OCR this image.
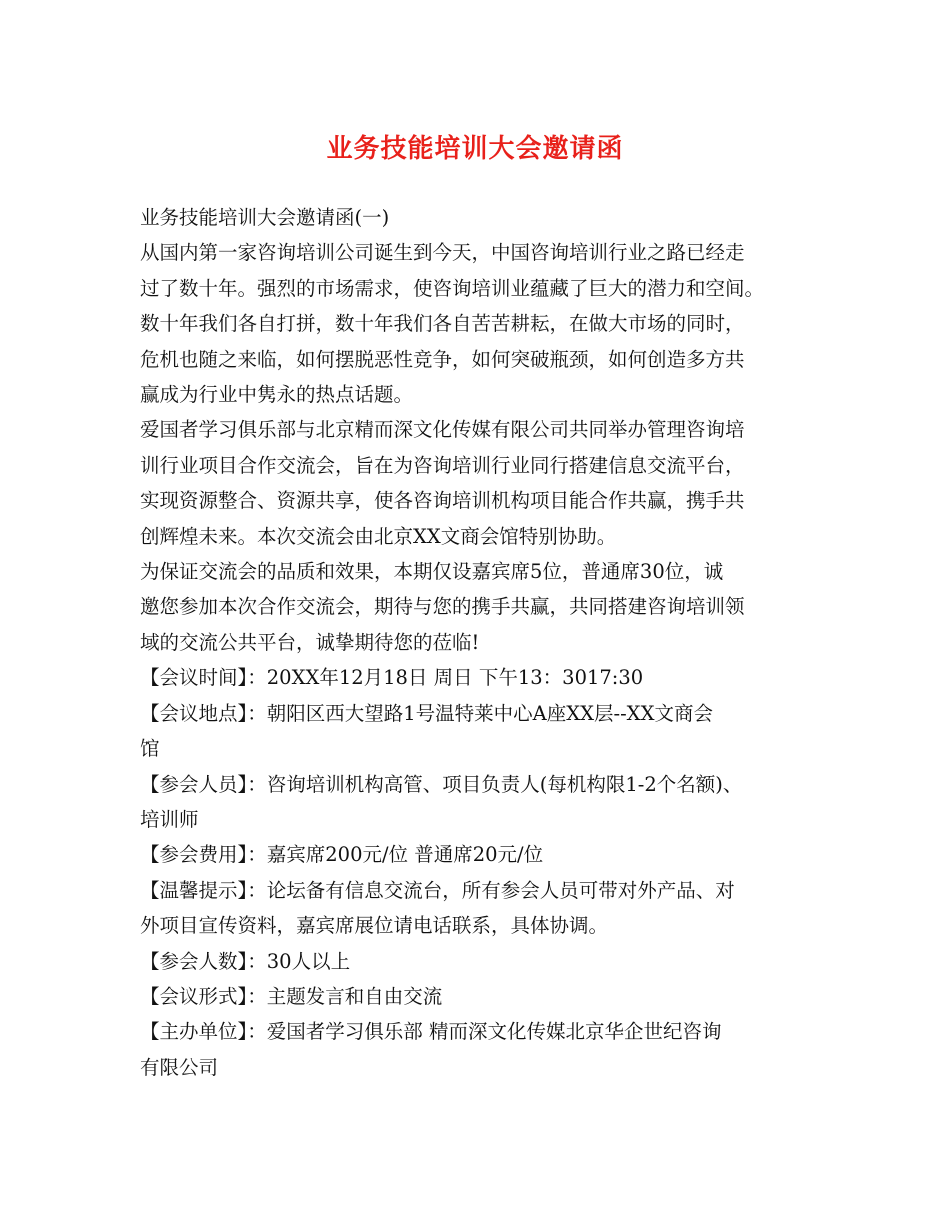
业务技能培训大会邀请函

业务技能培训大会邀请函(一)

从国内第一家咨询培训公司诞生到今天，中国咨询培训行业之路已经走

过了数十年。强烈的市场需求，使咨询培训业蕴藏了巨大的潜力和空间。

数十年我们各自打拼，数十年我们各自苦苦耕耘，在做大市场的同时，

危机也随之来临，如何摆脱恶性竞争，如何突破瓶颈，如何创造多方共

赢成为行业中隽永的热点话题。

爱国者学习俱乐部与北京精而深文化传媒有限公司共同举办管理咨询培

训行业项目合作交流会，旨在为咨询培训行业同行搭建信息交流平台，

实现资源整合、资源共享，使各咨询培训机构项目能合作共赢，携手共

创辉煌未来。本次交流会由北京XX文商会馆特别协助。

为保证交流会的品质和效果，本期仅设嘉宾席5位，普通席30位，诚

邀您参加本次合作交流会，期待与您的携手共赢，共同搭建咨询培训领

域的交流公共平台，诚挚期待您的莅临!

【会议时间】：20XX年12月18日 周日 下午13：3017:30

【会议地点】：朝阳区西大望路1号温特莱中心A座XX层--XX文商会

馆

【参会人员】：咨询培训机构高管、项目负责人(每机构限1-2个名额)、

培训师

【参会费用】：嘉宾席200元/位 普通席20元/位

【温馨提示】：论坛备有信息交流台，所有参会人员可带对外产品、对

外项目宣传资料，嘉宾席展位请电话联系，具体协调。

【参会人数】：30人以上

【会议形式】：主题发言和自由交流

【主办单位】：爱国者学习俱乐部 精而深文化传媒北京华企世纪咨询

有限公司
